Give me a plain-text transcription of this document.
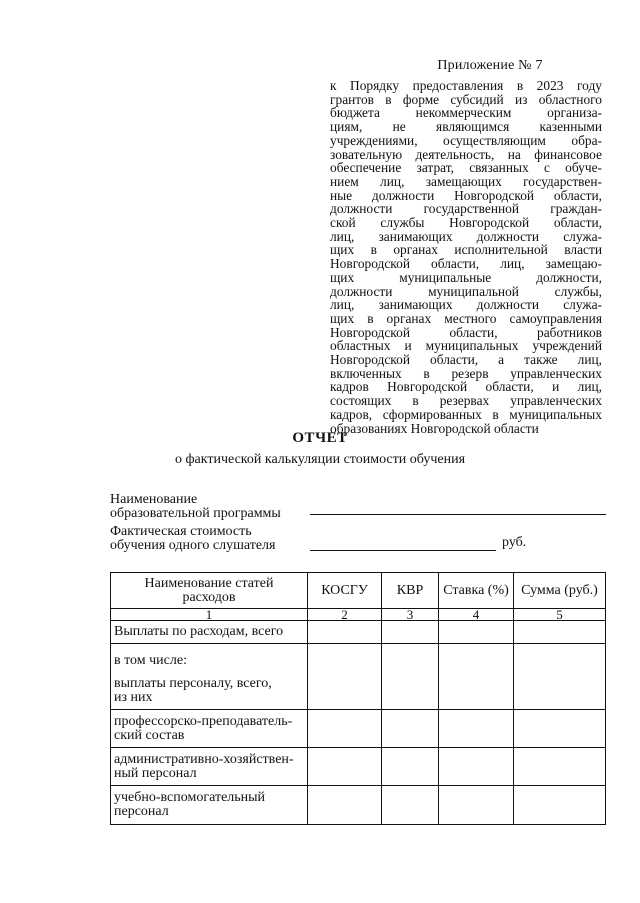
Приложение № 7
к Порядку предоставления в 2023 году
грантов в форме субсидий из областного
бюджета некоммерческим организа-
циям, не являющимся казенными
учреждениями, осуществляющим обра-
зовательную деятельность, на финансовое
обеспечение затрат, связанных с обуче-
нием лиц, замещающих государствен-
ные должности Новгородской области,
должности государственной граждан-
ской службы Новгородской области,
лиц, занимающих должности служа-
щих в органах исполнительной власти
Новгородской области, лиц, замещаю-
щих муниципальные должности,
должности муниципальной службы,
лиц, занимающих должности служа-
щих в органах местного самоуправления
Новгородской области, работников
областных и муниципальных учреждений
Новгородской области, а также лиц,
включенных в резерв управленческих
кадров Новгородской области, и лиц,
состоящих в резервах управленческих
кадров, сформированных в муниципальных
образованиях Новгородской области
ОТЧЕТ
о фактической калькуляции стоимости обучения
Наименование
образовательной программы
Фактическая стоимость
обучения одного слушателя	руб.
Наименование статей
расходов	КОСГУ	КВР	Ставка (%)	Сумма (руб.)
1	2	3	4	5

Выплаты по расходам, всего				

в том числе:
выплаты персоналу, всего,
из них				

профессорско-преподаватель-
ский состав				

административно-хозяйствен-
ный персонал				

учебно-вспомогательный
персонал				
